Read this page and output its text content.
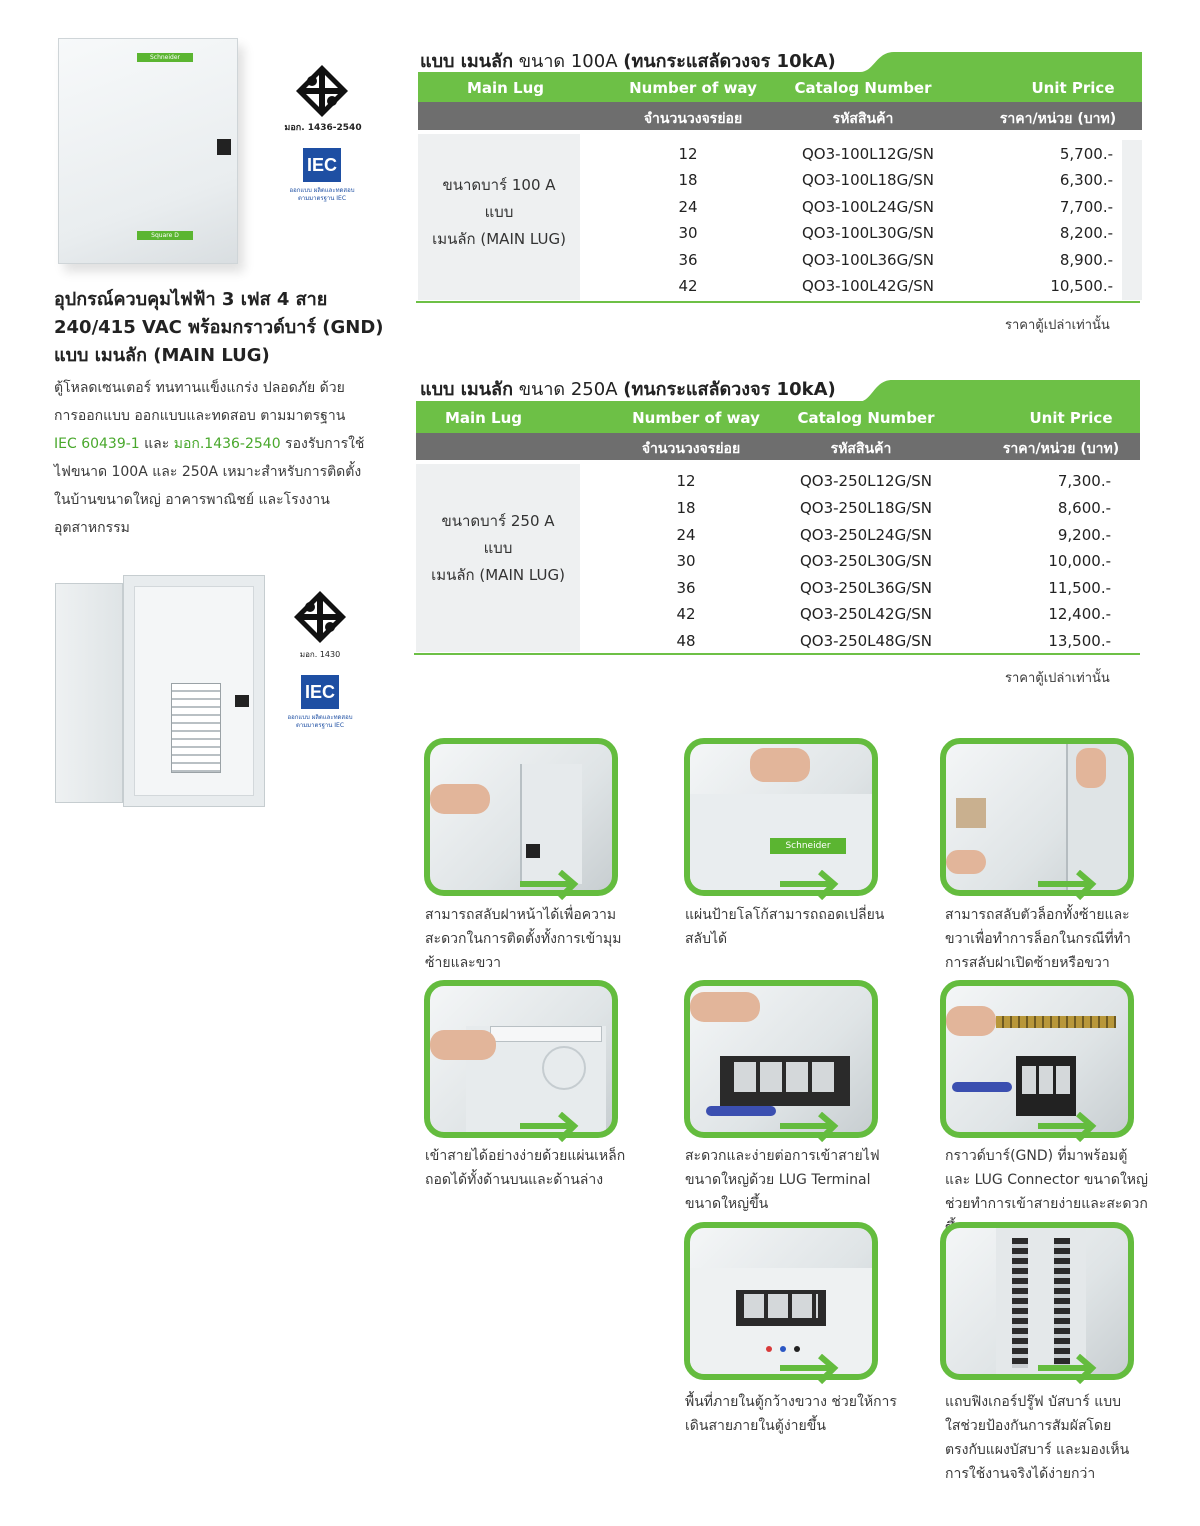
Schneider
Square D
มอก. 1436-2540
IEC
ออกแบบ ผลิตและทดสอบ
ตามมาตรฐาน IEC
อุปกรณ์ควบคุมไฟฟ้า 3 เฟส 4 สาย
240/415 VAC พร้อมกราวด์บาร์ (GND)
แบบ เมนลัก (MAIN LUG)
ตู้โหลดเซนเตอร์ ทนทานแข็งแกร่ง ปลอดภัย ด้วย
การออกแบบ ออกแบบและทดสอบ ตามมาตรฐาน
IEC 60439-1 และ มอก.1436-2540 รองรับการใช้
ไฟขนาด 100A และ 250A เหมาะสำหรับการติดตั้ง
ในบ้านขนาดใหญ่ อาคารพาณิชย์ และโรงงาน
อุตสาหกรรม
มอก. 1430
IEC
ออกแบบ ผลิตและทดสอบ
ตามมาตรฐาน IEC
แบบ เมนลัก ขนาด 100A (ทนกระแสลัดวงจร 10kA)
Main Lug	Number of way	Catalog Number	Unit Price
จำนวนวงจรย่อย	รหัสสินค้า	ราคา/หน่วย (บาท)
ขนาดบาร์ 100 A
แบบ
เมนลัก (MAIN LUG)
12	QO3-100L12G/SN	5,700.-
18	QO3-100L18G/SN	6,300.-
24	QO3-100L24G/SN	7,700.-
30	QO3-100L30G/SN	8,200.-
36	QO3-100L36G/SN	8,900.-
42	QO3-100L42G/SN	10,500.-
ราคาตู้เปล่าเท่านั้น
แบบ เมนลัก ขนาด 250A (ทนกระแสลัดวงจร 10kA)
Main Lug	Number of way	Catalog Number	Unit Price
จำนวนวงจรย่อย	รหัสสินค้า	ราคา/หน่วย (บาท)
ขนาดบาร์ 250 A
แบบ
เมนลัก (MAIN LUG)
12	QO3-250L12G/SN	7,300.-
18	QO3-250L18G/SN	8,600.-
24	QO3-250L24G/SN	9,200.-
30	QO3-250L30G/SN	10,000.-
36	QO3-250L36G/SN	11,500.-
42	QO3-250L42G/SN	12,400.-
48	QO3-250L48G/SN	13,500.-
ราคาตู้เปล่าเท่านั้น
Schneider
สามารถสลับฝาหน้าได้เพื่อความ
สะดวกในการติดตั้งทั้งการเข้ามุม
ซ้ายและขวา
แผ่นป้ายโลโก้สามารถถอดเปลี่ยน
สลับได้
สามารถสลับตัวล็อกทั้งซ้ายและ
ขวาเพื่อทำการล็อกในกรณีที่ทำ
การสลับฝาเปิดซ้ายหรือขวา
เข้าสายได้อย่างง่ายด้วยแผ่นเหล็ก
ถอดได้ทั้งด้านบนและด้านล่าง
สะดวกและง่ายต่อการเข้าสายไฟ
ขนาดใหญ่ด้วย LUG Terminal
ขนาดใหญ่ขึ้น
กราวด์บาร์(GND) ที่มาพร้อมตู้
และ LUG Connector ขนาดใหญ่
ช่วยทำการเข้าสายง่ายและสะดวก
พื้นที่ภายในตู้กว้างขวาง ช่วยให้การ
เดินสายภายในตู้ง่ายขึ้น
แถบฟิงเกอร์ปรู๊ฟ บัสบาร์ แบบ
ใสช่วยป้องกันการสัมผัสโดย
ตรงกับแผงบัสบาร์ และมองเห็น
การใช้งานจริงได้ง่ายกว่า
